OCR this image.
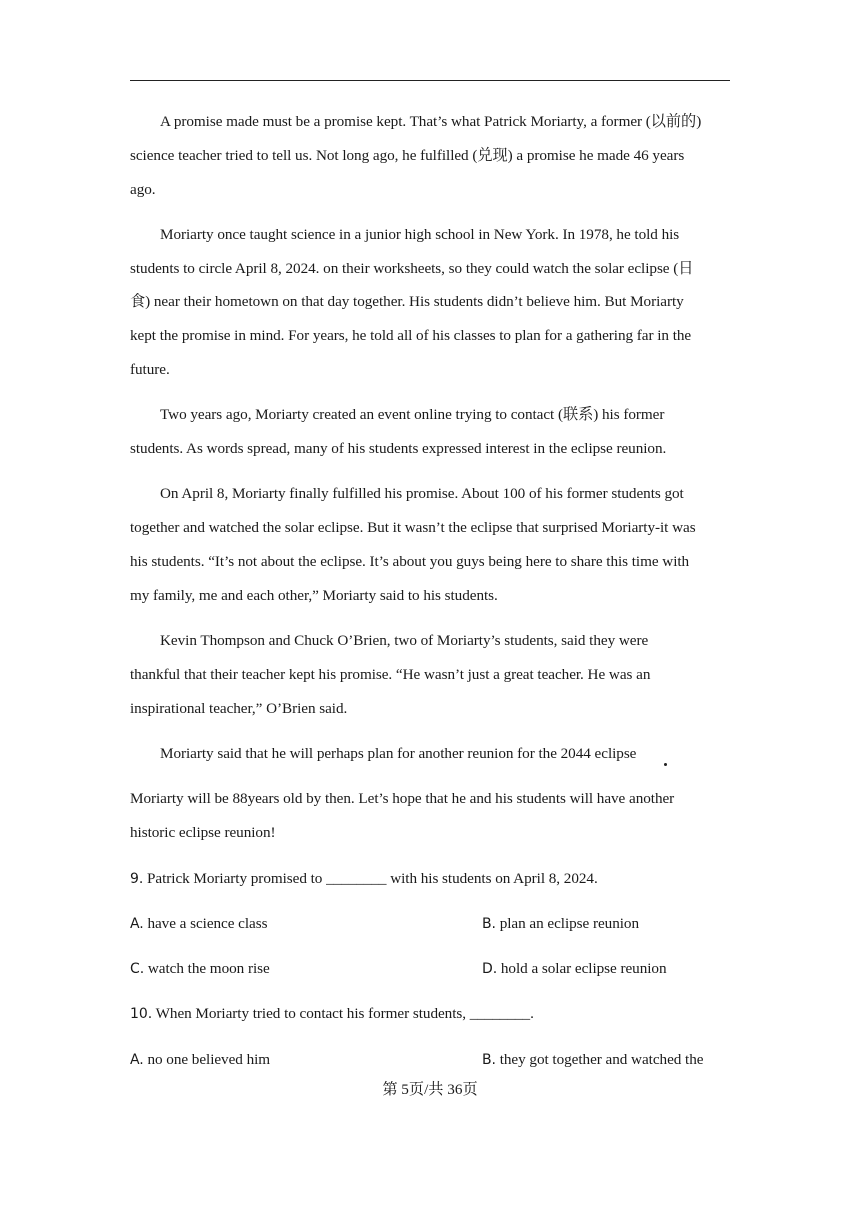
A promise made must be a promise kept. That’s what Patrick Moriarty, a former (以前的)
science teacher tried to tell us. Not long ago, he fulfilled (兑现) a promise he made 46 years
ago.
Moriarty once taught science in a junior high school in New York. In 1978, he told his
students to circle April 8, 2024. on their worksheets, so they could watch the solar eclipse (日
食) near their hometown on that day together. His students didn’t believe him. But Moriarty
kept the promise in mind. For years, he told all of his classes to plan for a gathering far in the
future.
Two years ago, Moriarty created an event online trying to contact (联系) his former
students. As words spread, many of his students expressed interest in the eclipse reunion.
On April 8, Moriarty finally fulfilled his promise. About 100 of his former students got
together and watched the solar eclipse. But it wasn’t the eclipse that surprised Moriarty-it was
his students. “It’s not about the eclipse. It’s about you guys being here to share this time with
my family, me and each other,” Moriarty said to his students.
Kevin Thompson and Chuck O’Brien, two of Moriarty’s students, said they were
thankful that their teacher kept his promise. “He wasn’t just a great teacher. He was an
inspirational teacher,” O’Brien said.
Moriarty said that he will perhaps plan for another reunion for the 2044 eclipse
Moriarty will be 88years old by then. Let’s hope that he and his students will have another
historic eclipse reunion!
9. Patrick Moriarty promised to ________ with his students on April 8, 2024.
A. have a science class	B. plan an eclipse reunion
C. watch the moon rise	D. hold a solar eclipse reunion
10. When Moriarty tried to contact his former students, ________.
A. no one believed him	B. they got together and watched the
第 5页/共 36页
